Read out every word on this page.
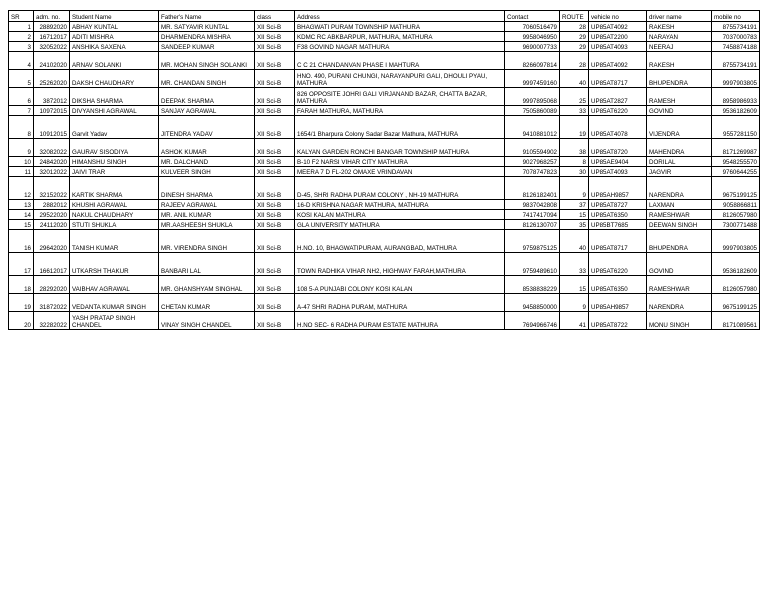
SR	adm. no.	Student Name	Father's Name	class	Address	Contact	ROUTE	vehicle no	driver name	mobile no
1	28892020	ABHAY KUNTAL	MR. SATYAVIR KUNTAL	XII Sci-B	BHAGWATI PURAM TOWNSHIP MATHURA	7060516479	28	UP85AT4092	RAKESH	8755734191
2	16712017	ADITI MISHRA	DHARMENDRA MISHRA	XII Sci-B	KDMC RC ABKBARPUR, MATHURA, MATHURA	9958046950	29	UP85AT2200	NARAYAN	7037000783
3	32052022	ANSHIKA SAXENA	SANDEEP KUMAR	XII Sci-B	F38 GOVIND NAGAR MATHURA	9690007733	29	UP85AT4093	NEERAJ	7458874188
4	24102020	ARNAV SOLANKI	MR. MOHAN SINGH SOLANKI	XII Sci-B	C C 21 CHANDANVAN PHASE I MAHTURA	8266097814	28	UP85AT4092	RAKESH	8755734191
5	25262020	DAKSH CHAUDHARY	MR. CHANDAN SINGH	XII Sci-B	HNO. 490, PURANI CHUNGI, NARAYANPURI GALI, DHOULI PYAU, MATHURA	9997459160	40	UP85AT8717	BHUPENDRA	9997903805
6	3872012	DIKSHA SHARMA	DEEPAK SHARMA	XII Sci-B	826 OPPOSITE JOHRI GALI VIRJANAND BAZAR, CHATTA BAZAR, MATHURA	9997895068	25	UP85AT2827	RAMESH	8958986933
7	10972015	DIVYANSHI AGRAWAL	SANJAY AGRAWAL	XII Sci-B	FARAH MATHURA, MATHURA	7505860089	33	UP85AT6220	GOVIND	9536182609
8	10912015	Garvit Yadav	JITENDRA YADAV	XII Sci-B	1654/1 Bharpura Colony Sadar Bazar Mathura, MATHURA	9410881012	19	UP85AT4078	VIJENDRA	9557281150
9	32082022	GAURAV SISODIYA	ASHOK KUMAR	XII Sci-B	KALYAN GARDEN RONCHI BANGAR TOWNSHIP MATHURA	9105594902	38	UP85AT8720	MAHENDRA	8171269987
10	24842020	HIMANSHU SINGH	MR. DALCHAND	XII Sci-B	B-10 F2 NARSI VIHAR CITY MATHURA	9027968257	8	UP85AE9404	DORILAL	9548255570
11	32012022	JAIVI TRAR	KULVEER SINGH	XII Sci-B	MEERA 7 D FL-202 OMAXE VRINDAVAN	7078747823	30	UP85AT4093	JAGVIR	9760644255
12	32152022	KARTIK SHARMA	DINESH SHARMA	XII Sci-B	D-45, SHRI RADHA PURAM COLONY , NH-19 MATHURA	8126182401	9	UP85AH9857	NARENDRA	9675199125
13	2882012	KHUSHI AGRAWAL	RAJEEV AGRAWAL	XII Sci-B	16-D KRISHNA NAGAR MATHURA, MATHURA	9837042808	37	UP85AT8727	LAXMAN	9058866811
14	29522020	NAKUL CHAUDHARY	MR. ANIL KUMAR	XII Sci-B	KOSI KALAN MATHURA	7417417094	15	UP85AT6350	RAMESHWAR	8126057980
15	24112020	STUTI SHUKLA	MR.AASHEESH SHUKLA	XII Sci-B	GLA UNIVERSITY MATHURA	8126130707	35	UP85BT7685	DEEWAN SINGH	7300771488
16	29642020	TANISH KUMAR	MR. VIRENDRA SINGH	XII Sci-B	H.NO. 10, BHAGWATIPURAM, AURANGBAD, MATHURA	9759875125	40	UP85AT8717	BHUPENDRA	9997903805
17	16612017	UTKARSH THAKUR	BANBARI LAL	XII Sci-B	TOWN RADHIKA VIHAR NH2, HIGHWAY FARAH,MATHURA	9759489610	33	UP85AT6220	GOVIND	9536182609
18	28292020	VAIBHAV AGRAWAL	MR. GHANSHYAM SINGHAL	XII Sci-B	108 5-A PUNJABI COLONY KOSI KALAN	8538838229	15	UP85AT6350	RAMESHWAR	8126057980
19	31872022	VEDANTA KUMAR SINGH	CHETAN KUMAR	XII Sci-B	A-47 SHRI RADHA PURAM, MATHURA	9458850000	9	UP85AH9857	NARENDRA	9675199125
20	32282022	YASH PRATAP SINGH CHANDEL	VINAY SINGH CHANDEL	XII Sci-B	H.NO SEC- 6 RADHA PURAM ESTATE MATHURA	7694966746	41	UP85AT8722	MONU SINGH	8171089561
